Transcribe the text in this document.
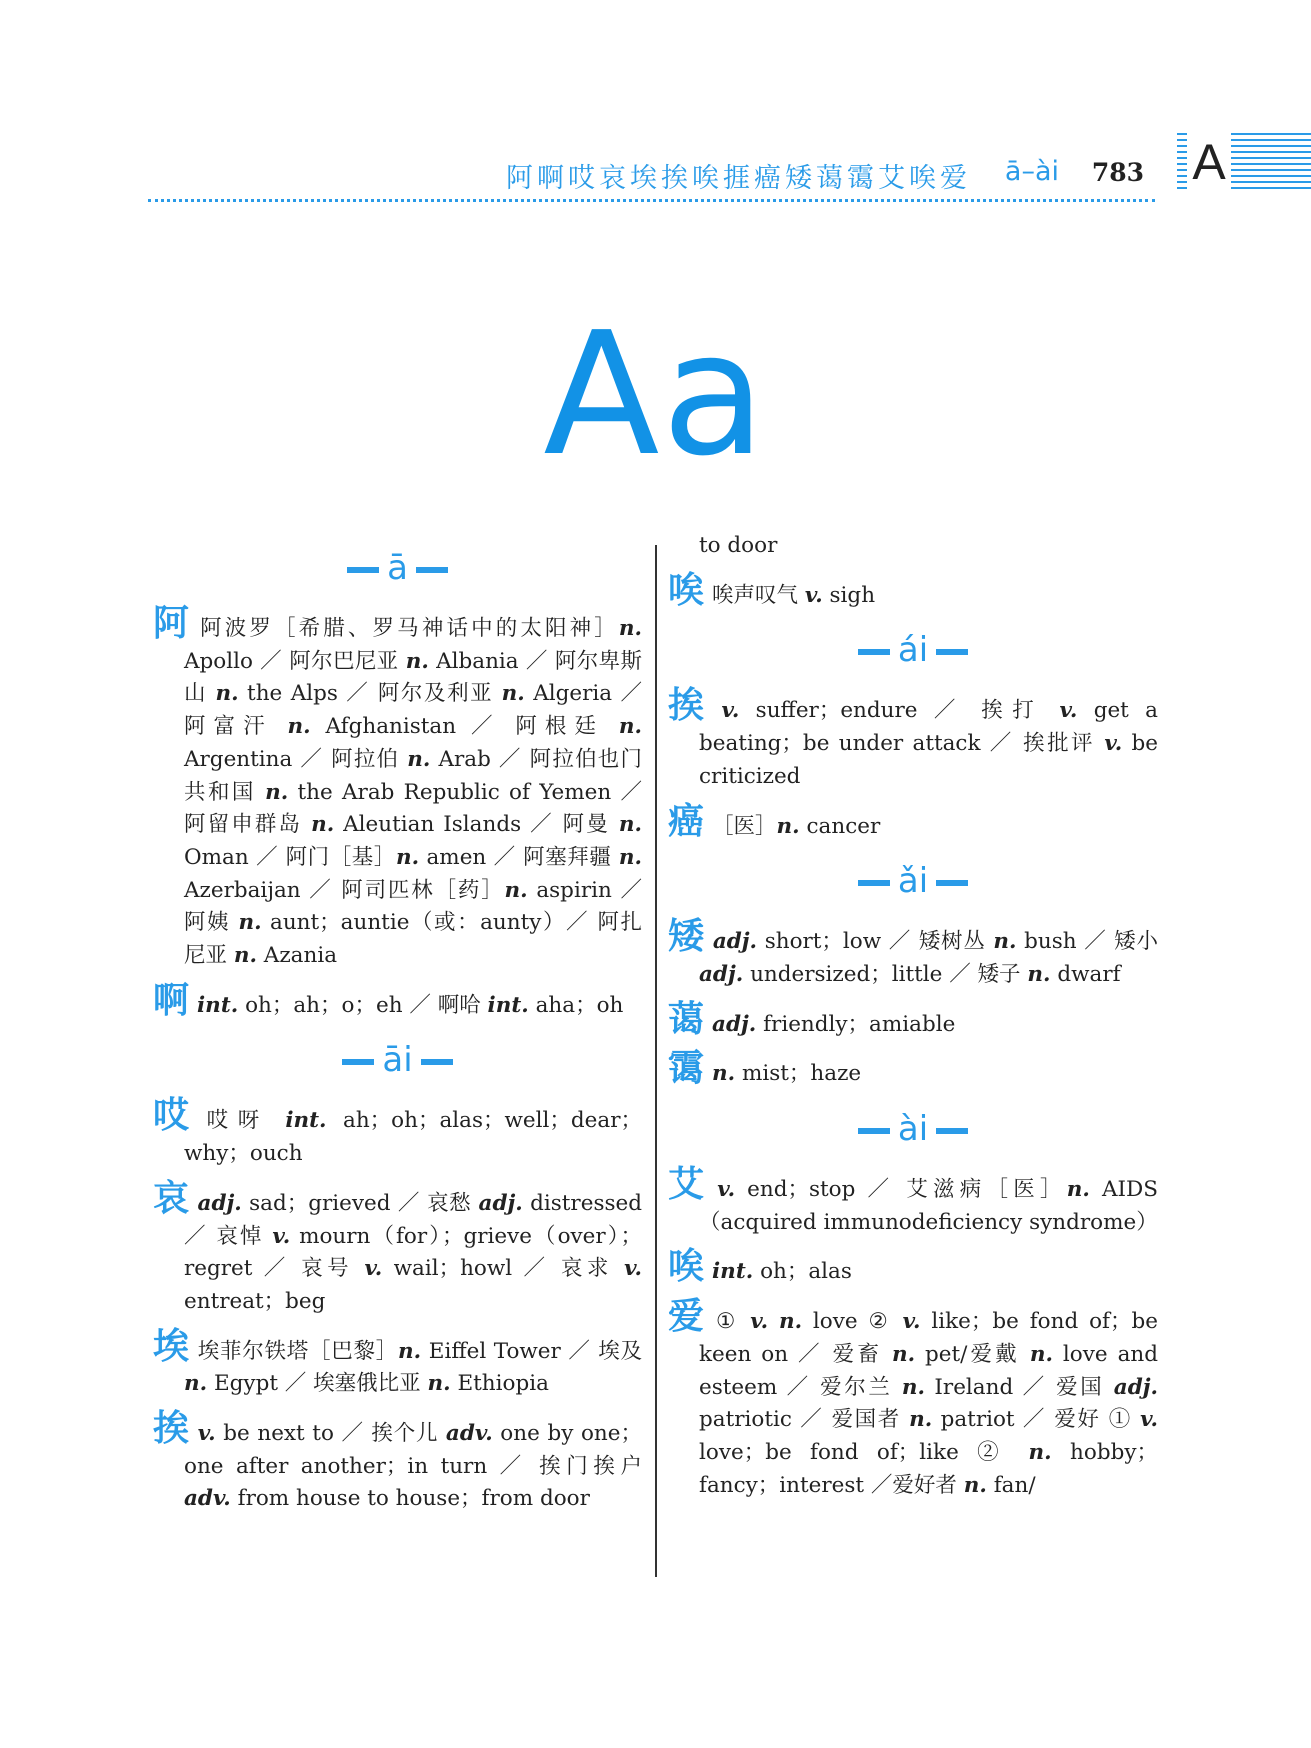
阿啊哎哀埃挨唉捱癌矮蔼霭艾唉爱 ā–ài 783 A
Aa
ā
阿阿波罗［希腊、罗马神话中的太阳神］n. Apollo ／ 阿尔巴尼亚 n. Albania ／ 阿尔卑斯山 n. the Alps ／ 阿尔及利亚 n. Algeria ／ 阿富汗 n. Afghanistan ／ 阿根廷 n. Argentina ／ 阿拉伯 n. Arab ／ 阿拉伯也门共和国 n. the Arab Republic of Yemen ／ 阿留申群岛 n. Aleutian Islands ／ 阿曼 n. Oman ／ 阿门［基］n. amen ／ 阿塞拜疆 n. Azerbaijan ／ 阿司匹林［药］n. aspirin ／ 阿姨 n. aunt；auntie（或：aunty）／ 阿扎尼亚 n. Azania
啊int. oh；ah；o；eh ／ 啊哈 int. aha；oh
āi
哎哎呀 int. ah；oh；alas；well；dear；why；ouch
哀adj. sad；grieved ／ 哀愁 adj. distressed ／ 哀悼 v. mourn（for）；grieve（over）；regret ／ 哀号 v. wail；howl ／ 哀求 v. entreat；beg
埃埃菲尔铁塔［巴黎］n. Eiffel Tower ／ 埃及 n. Egypt ／ 埃塞俄比亚 n. Ethiopia
挨v. be next to ／ 挨个儿 adv. one by one；one after another；in turn ／ 挨门挨户 adv. from house to house；from door
to door
唉唉声叹气 v. sigh
ái
挨v. suffer；endure ／ 挨打 v. get a beating；be under attack ／ 挨批评 v. be criticized
癌 ［医］n. cancer
ǎi
矮adj. short；low ／ 矮树丛 n. bush ／ 矮小 adj. undersized；little ／ 矮子 n. dwarf
蔼adj. friendly；amiable
霭n. mist；haze
ài
艾v. end；stop ／ 艾滋病［医］n. AIDS（acquired immunodeficiency syndrome）
唉int. oh；alas
爱 ① v. n. love ② v. like；be fond of；be keen on ／ 爱畜 n. pet/爱戴 n. love and esteem ／ 爱尔兰 n. Ireland ／ 爱国 adj. patriotic ／ 爱国者 n. patriot ／ 爱好 ① v. love；be fond of；like ② n. hobby；fancy；interest ／爱好者 n. fan/
